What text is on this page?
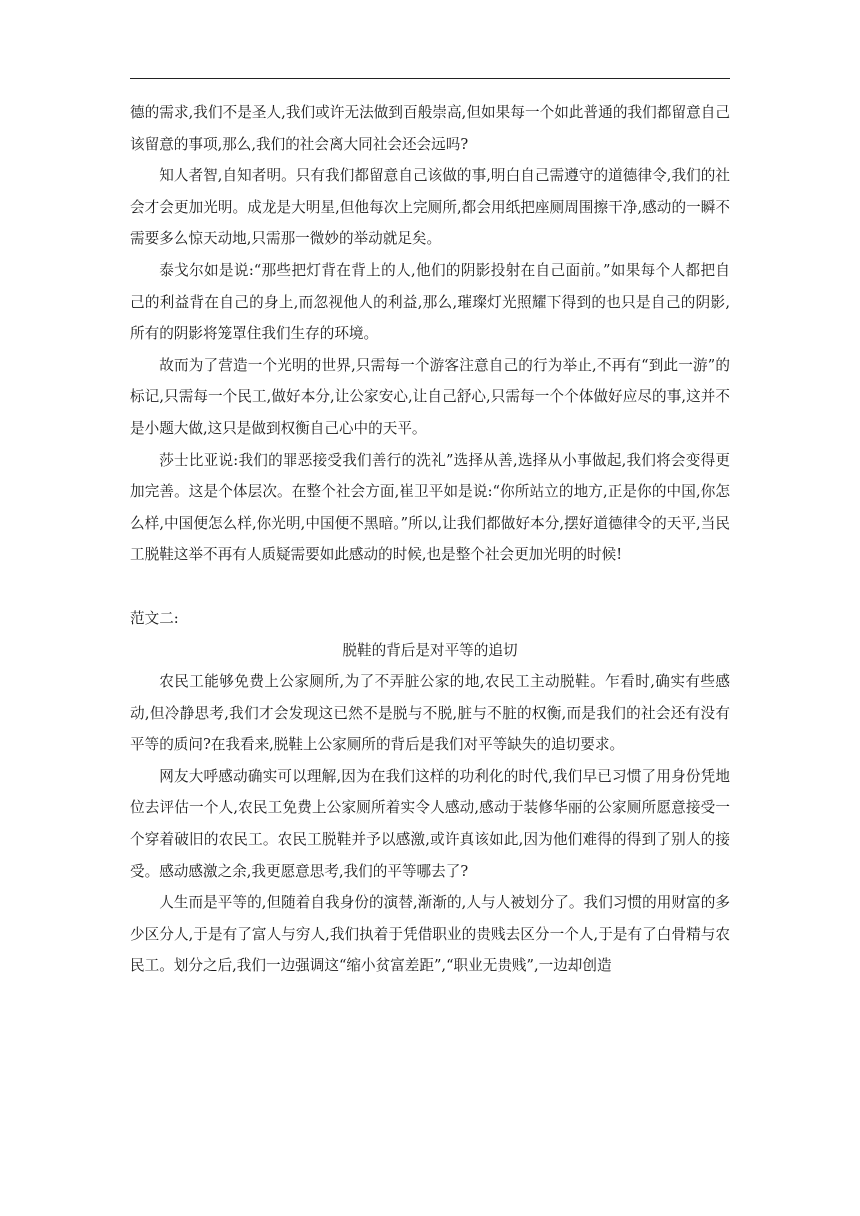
德的需求,我们不是圣人,我们或许无法做到百般崇高,但如果每一个如此普通的我们都留意自己该留意的事项,那么,我们的社会离大同社会还会远吗?

知人者智,自知者明。只有我们都留意自己该做的事,明白自己需遵守的道德律令,我们的社会才会更加光明。成龙是大明星,但他每次上完厕所,都会用纸把座厕周围擦干净,感动的一瞬不需要多么惊天动地,只需那一微妙的举动就足矣。

泰戈尔如是说:“那些把灯背在背上的人,他们的阴影投射在自己面前。”如果每个人都把自己的利益背在自己的身上,而忽视他人的利益,那么,璀璨灯光照耀下得到的也只是自己的阴影,所有的阴影将笼罩住我们生存的环境。

故而为了营造一个光明的世界,只需每一个游客注意自己的行为举止,不再有“到此一游”的标记,只需每一个民工,做好本分,让公家安心,让自己舒心,只需每一个个体做好应尽的事,这并不是小题大做,这只是做到权衡自己心中的天平。

莎士比亚说:我们的罪恶接受我们善行的洗礼”选择从善,选择从小事做起,我们将会变得更加完善。这是个体层次。在整个社会方面,崔卫平如是说:“你所站立的地方,正是你的中国,你怎么样,中国便怎么样,你光明,中国便不黑暗。”所以,让我们都做好本分,摆好道德律令的天平,当民工脱鞋这举不再有人质疑需要如此感动的时候,也是整个社会更加光明的时候!

范文二:

脱鞋的背后是对平等的追切

农民工能够免费上公家厕所,为了不弄脏公家的地,农民工主动脱鞋。乍看时,确实有些感动,但冷静思考,我们才会发现这已然不是脱与不脱,脏与不脏的权衡,而是我们的社会还有没有平等的质问?在我看来,脱鞋上公家厕所的背后是我们对平等缺失的追切要求。

网友大呼感动确实可以理解,因为在我们这样的功利化的时代,我们早已习惯了用身份凭地位去评估一个人,农民工免费上公家厕所着实令人感动,感动于装修华丽的公家厕所愿意接受一个穿着破旧的农民工。农民工脱鞋并予以感激,或许真该如此,因为他们难得的得到了别人的接受。感动感激之余,我更愿意思考,我们的平等哪去了?

人生而是平等的,但随着自我身份的演替,渐渐的,人与人被划分了。我们习惯的用财富的多少区分人,于是有了富人与穷人,我们执着于凭借职业的贵贱去区分一个人,于是有了白骨精与农民工。划分之后,我们一边强调这“缩小贫富差距”,“职业无贵贱”,一边却创造
